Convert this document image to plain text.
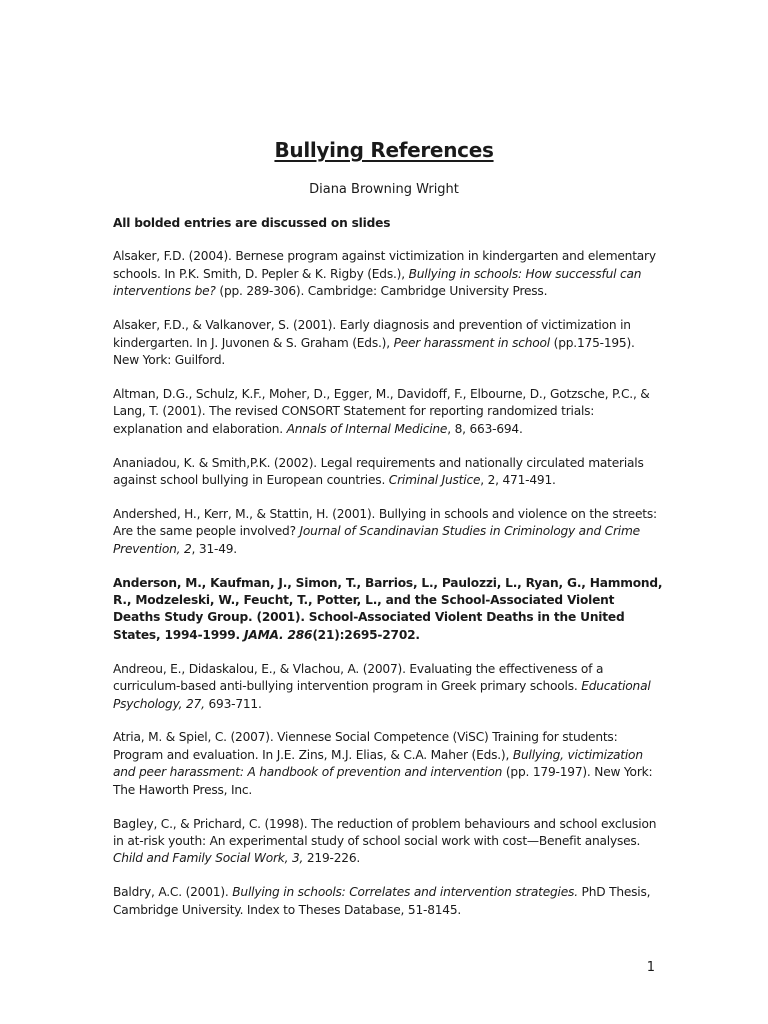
Bullying References
Diana Browning Wright

All bolded entries are discussed on slides

Alsaker, F.D. (2004). Bernese program against victimization in kindergarten and elementary schools. In P.K. Smith, D. Pepler & K. Rigby (Eds.), Bullying in schools: How successful can interventions be? (pp. 289-306). Cambridge: Cambridge University Press.

Alsaker, F.D., & Valkanover, S. (2001). Early diagnosis and prevention of victimization in kindergarten. In J. Juvonen & S. Graham (Eds.), Peer harassment in school (pp.175-195). New York: Guilford.

Altman, D.G., Schulz, K.F., Moher, D., Egger, M., Davidoff, F., Elbourne, D., Gotzsche, P.C., & Lang, T. (2001). The revised CONSORT Statement for reporting randomized trials: explanation and elaboration. Annals of Internal Medicine, 8, 663-694.

Ananiadou, K. & Smith,P.K. (2002). Legal requirements and nationally circulated materials against school bullying in European countries. Criminal Justice, 2, 471-491.

Andershed, H., Kerr, M., & Stattin, H. (2001). Bullying in schools and violence on the streets: Are the same people involved? Journal of Scandinavian Studies in Criminology and Crime Prevention, 2, 31-49.

Anderson, M., Kaufman, J., Simon, T., Barrios, L., Paulozzi, L., Ryan, G., Hammond, R., Modzeleski, W., Feucht, T., Potter, L., and the School-Associated Violent Deaths Study Group. (2001). School-Associated Violent Deaths in the United States, 1994-1999. JAMA. 286(21):2695-2702.

Andreou, E., Didaskalou, E., & Vlachou, A. (2007). Evaluating the effectiveness of a curriculum-based anti-bullying intervention program in Greek primary schools. Educational Psychology, 27, 693-711.

Atria, M. & Spiel, C. (2007). Viennese Social Competence (ViSC) Training for students: Program and evaluation. In J.E. Zins, M.J. Elias, & C.A. Maher (Eds.), Bullying, victimization and peer harassment: A handbook of prevention and intervention (pp. 179-197). New York: The Haworth Press, Inc.

Bagley, C., & Prichard, C. (1998). The reduction of problem behaviours and school exclusion in at-risk youth: An experimental study of school social work with cost—Benefit analyses. Child and Family Social Work, 3, 219-226.

Baldry, A.C. (2001). Bullying in schools: Correlates and intervention strategies. PhD Thesis, Cambridge University. Index to Theses Database, 51-8145.

1
